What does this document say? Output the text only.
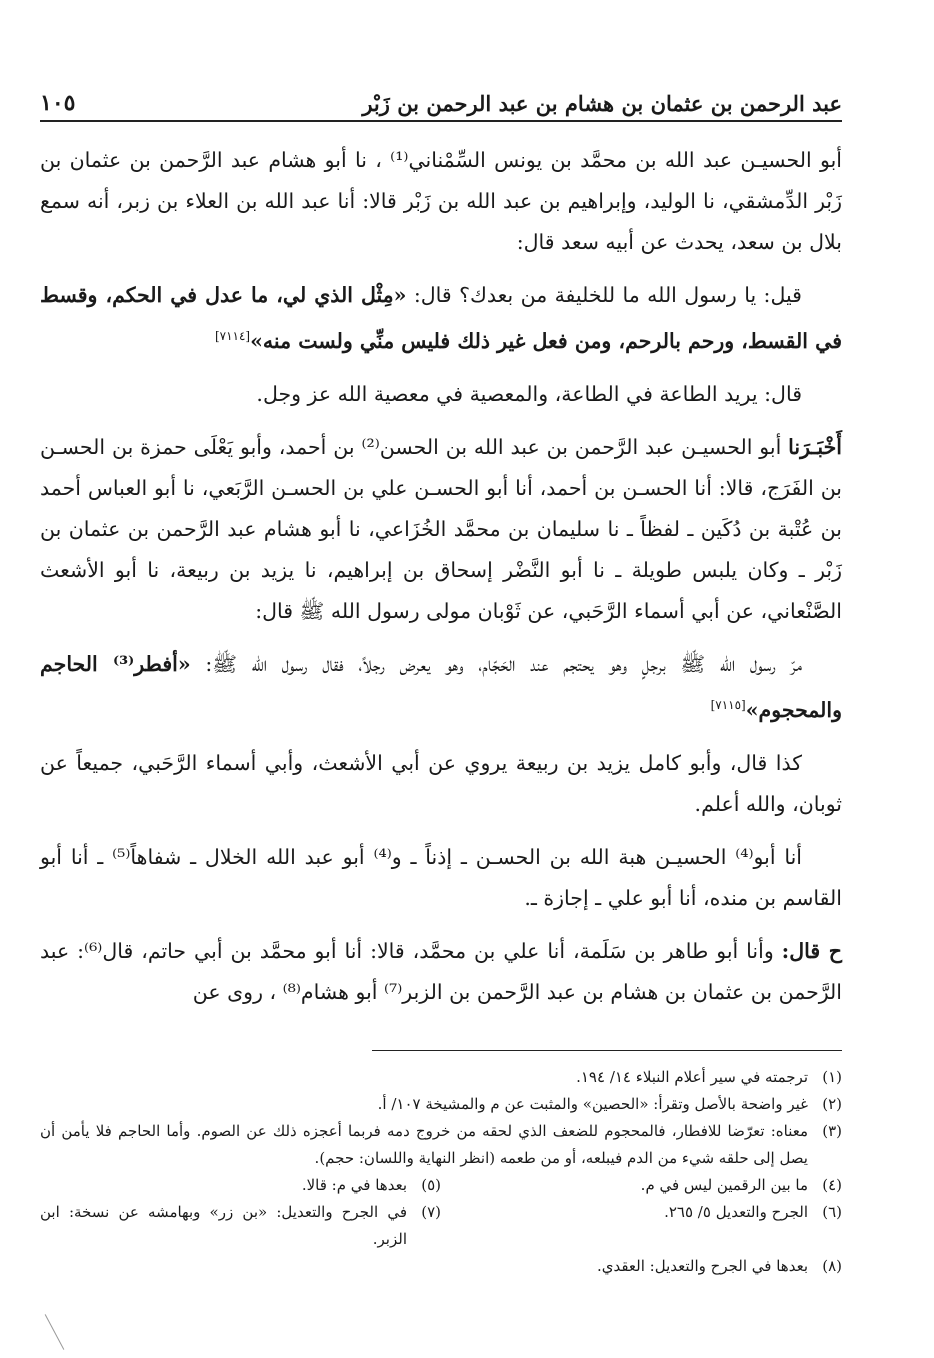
عبد الرحمن بن عثمان بن هشام بن عبد الرحمن بن زَبْر
١٠٥

أبو الحسيـن عبد الله بن محمَّد بن يونس السِّمْناني⁽¹⁾ ، نا أبو هشام عبد الرَّحمن بن عثمان بن زَبْر الدِّمشقي، نا الوليد، وإبراهيم بن عبد الله بن زَبْر قالا: أنا عبد الله بن العلاء بن زبر، أنه سمع بلال بن سعد، يحدث عن أبيه سعد قال:

قيل: يا رسول الله ما للخليفة من بعدك؟ قال: «مِثْل الذي لي، ما عدل في الحكم، وقسط في القسط، ورحم بالرحم، ومن فعل غير ذلك فليس منِّي ولست منه»[٧١١٤]

قال: يريد الطاعة في الطاعة، والمعصية في معصية الله عز وجل.

أَخْبَـرَنا أبو الحسيـن عبد الرَّحمن بن عبد الله بن الحسن⁽²⁾ بن أحمد، وأبو يَعْلَى حمزة بن الحسـن بن الفَرَج، قالا: أنا الحسـن بن أحمد، أنا أبو الحسـن علي بن الحسـن الرَّبَعي، نا أبو العباس أحمد بن عُتْبة بن دُكَين ـ لفظاً ـ نا سليمان بن محمَّد الخُزَاعي، نا أبو هشام عبد الرَّحمن بن عثمان بن زَبْر ـ وكان يلبس طويلة ـ نا أبو النَّضْر إسحاق بن إبراهيم، نا يزيد بن ربيعة، نا أبو الأشعث الصَّنْعاني، عن أبي أسماء الرَّحَبي، عن ثَوْبان مولى رسول الله ﷺ قال:

مرّ رسول الله ﷺ برجلٍ وهو يحتجم عند الحَجّام، وهو يعرض رجلاً، فقال رسول الله ﷺ: «أفطر⁽³⁾ الحاجم والمحجوم»[٧١١٥]

كذا قال، وأبو كامل يزيد بن ربيعة يروي عن أبي الأشعث، وأبي أسماء الرَّحَبي، جميعاً عن ثوبان، والله أعلم.

أنا أبو⁽⁴⁾ الحسيـن هبة الله بن الحسـن ـ إذناً ـ و⁽⁴⁾ أبو عبد الله الخلال ـ شفاهاً⁽⁵⁾ ـ أنا أبو القاسم بن منده، أنا أبو علي ـ إجازة ـ.

ح قال: وأنا أبو طاهر بن سَلَمة، أنا علي بن محمَّد، قالا: أنا أبو محمَّد بن أبي حاتم، قال⁽⁶⁾: عبد الرَّحمن بن عثمان بن هشام بن عبد الرَّحمن بن الزبر⁽⁷⁾ أبو هشام⁽⁸⁾ ، روى عن

(١)
ترجمته في سير أعلام النبلاء ١٤/ ١٩٤.
(٢)
غير واضحة بالأصل وتقرأ: «الحصين» والمثبت عن م والمشيخة ١٠٧/ أ.
(٣)
معناه: تعرّضا للافطار، فالمحجوم للضعف الذي لحقه من خروج دمه فربما أعجزه ذلك عن الصوم. وأما الحاجم فلا يأمن أن يصل إلى حلقه شيء من الدم فيبلعه، أو من طعمه (انظر النهاية واللسان: حجم).
(٤)
ما بين الرقمين ليس في م.
(٥)
بعدها في م: قالا.
(٦)
الجرح والتعديل ٥/ ٢٦٥.
(٧)
في الجرح والتعديل: «بن زر» وبهامشه عن نسخة: ابن الزبر.
(٨)
بعدها في الجرح والتعديل: العقدي.
